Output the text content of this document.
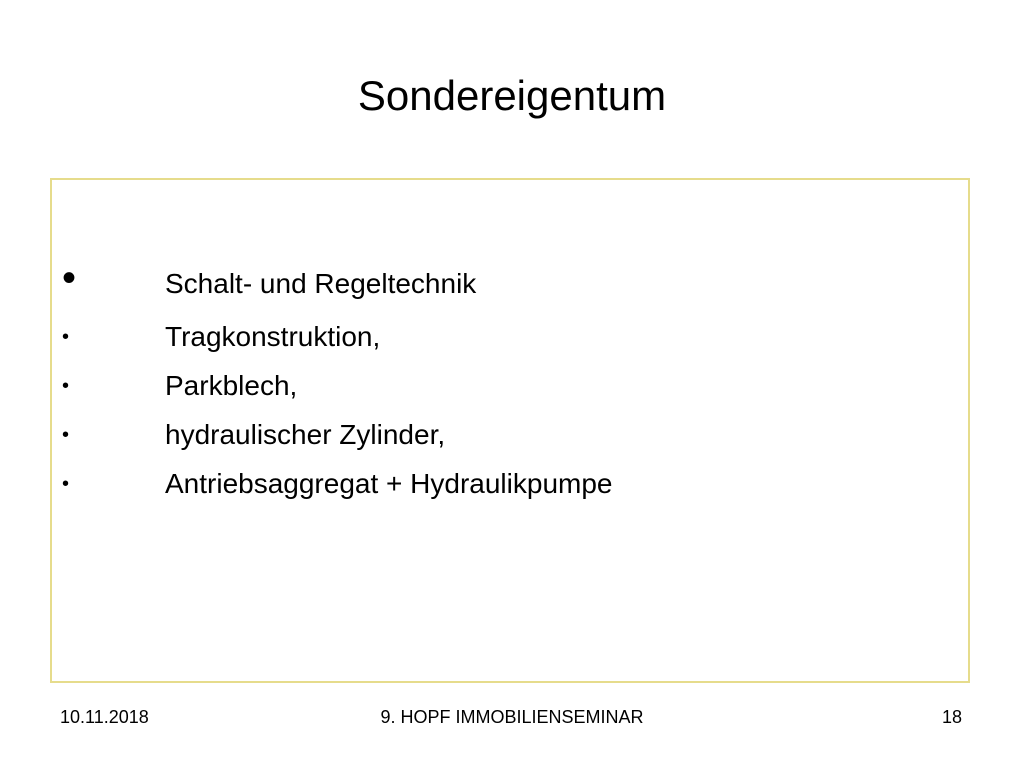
Sondereigentum
•	Schalt- und Regeltechnik
•	Tragkonstruktion,
•	Parkblech,
•	hydraulischer Zylinder,
•	Antriebsaggregat + Hydraulikpumpe
10.11.2018	9. HOPF IMMOBILIENSEMINAR	18
